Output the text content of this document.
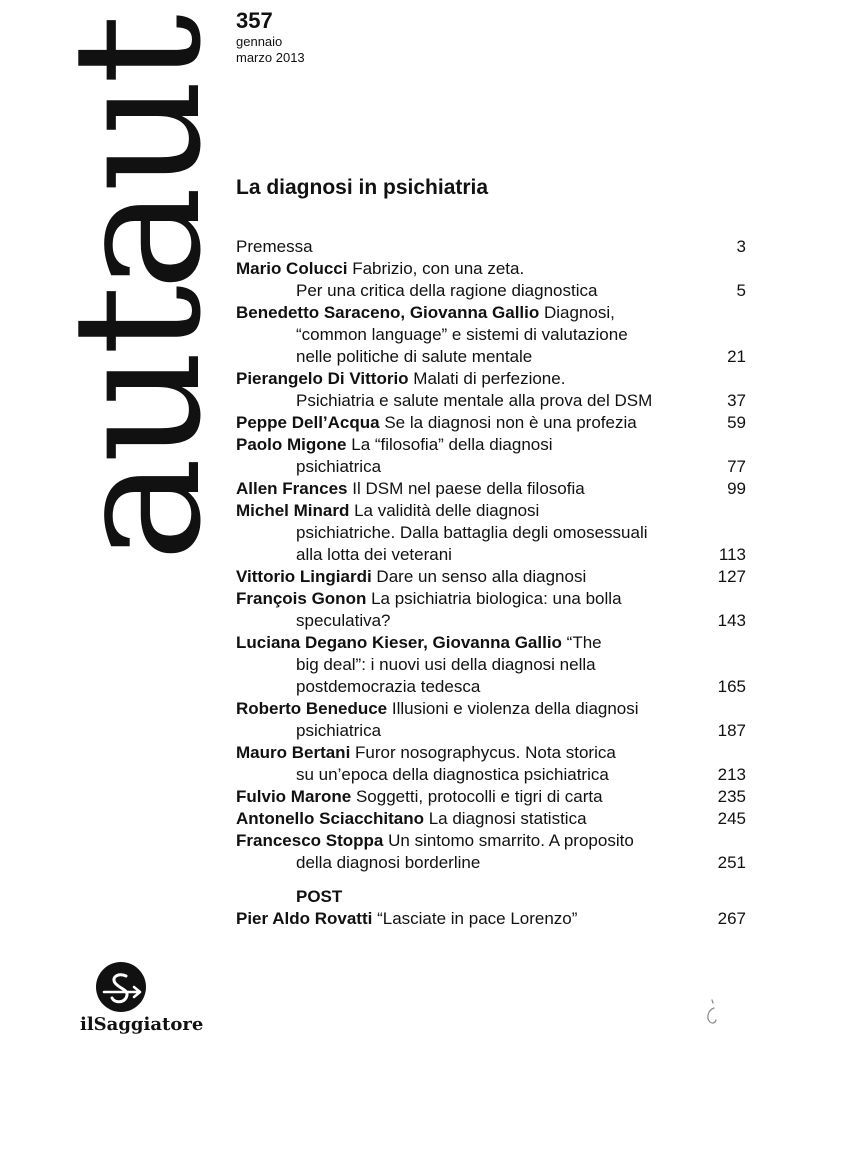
autaut
357
gennaio
marzo 2013
La diagnosi in psichiatria
Premessa	3
Mario Colucci Fabrizio, con una zeta.
Per una critica della ragione diagnostica	5
Benedetto Saraceno, Giovanna Gallio Diagnosi,
“common language” e sistemi di valutazione
nelle politiche di salute mentale	21
Pierangelo Di Vittorio Malati di perfezione.
Psichiatria e salute mentale alla prova del DSM	37
Peppe Dell’Acqua Se la diagnosi non è una profezia	59
Paolo Migone La “filosofia” della diagnosi
psichiatrica	77
Allen Frances Il DSM nel paese della filosofia	99
Michel Minard La validità delle diagnosi
psichiatriche. Dalla battaglia degli omosessuali
alla lotta dei veterani	113
Vittorio Lingiardi Dare un senso alla diagnosi	127
François Gonon La psichiatria biologica: una bolla
speculativa?	143
Luciana Degano Kieser, Giovanna Gallio “The
big deal”: i nuovi usi della diagnosi nella
postdemocrazia tedesca	165
Roberto Beneduce Illusioni e violenza della diagnosi
psichiatrica	187
Mauro Bertani Furor nosographycus. Nota storica
su un’epoca della diagnostica psichiatrica	213
Fulvio Marone Soggetti, protocolli e tigri di carta	235
Antonello Sciacchitano La diagnosi statistica	245
Francesco Stoppa Un sintomo smarrito. A proposito
della diagnosi borderline	251
POST
Pier Aldo Rovatti “Lasciate in pace Lorenzo”	267
ilSaggiatore
